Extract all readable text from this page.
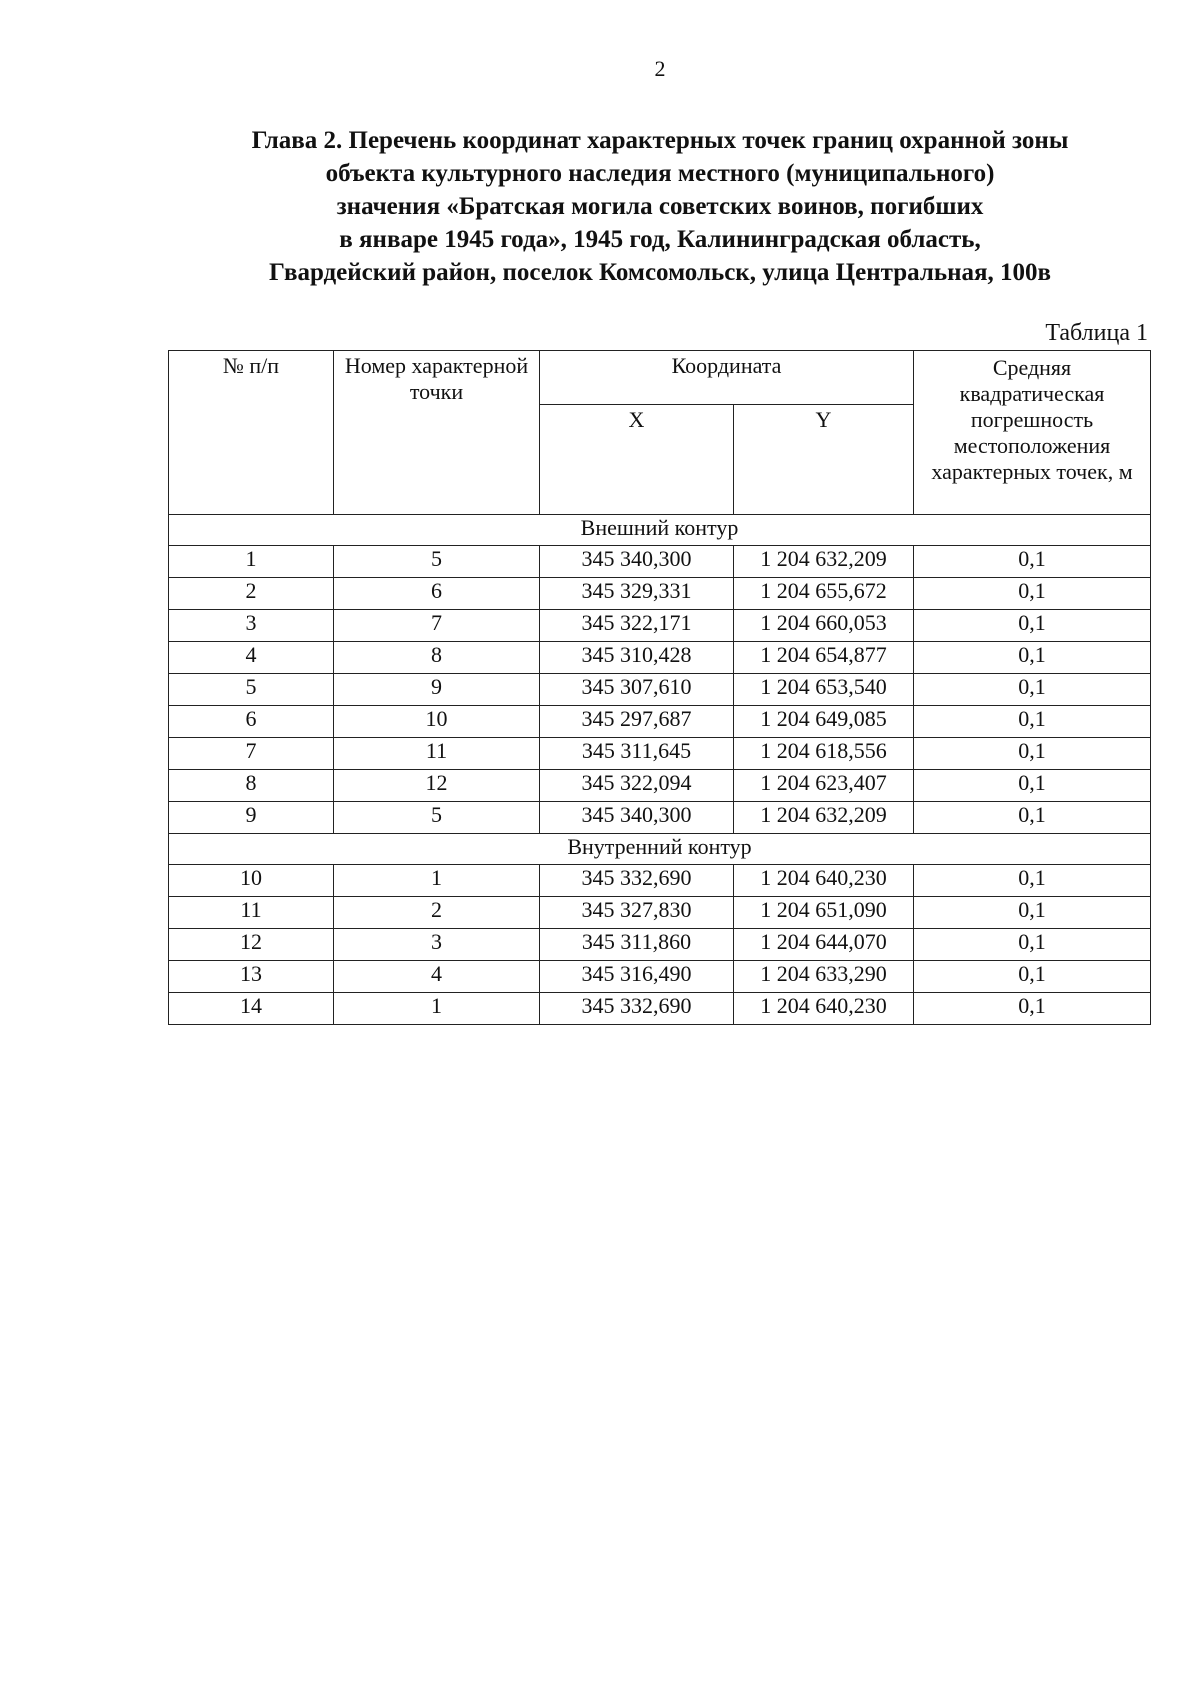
2
Глава 2. Перечень координат характерных точек границ охранной зоны
объекта культурного наследия местного (муниципального)
значения «Братская могила советских воинов, погибших
в январе 1945 года», 1945 год, Калининградская область,
Гвардейский район, поселок Комсомольск, улица Центральная, 100в
Таблица 1
№ п/п	Номер характерной точки	Координата		Средняя квадратическая погрешность местоположения характерных точек, м
		X	Y	
Внешний контур				
1	5	345 340,300	1 204 632,209	0,1
2	6	345 329,331	1 204 655,672	0,1
3	7	345 322,171	1 204 660,053	0,1
4	8	345 310,428	1 204 654,877	0,1
5	9	345 307,610	1 204 653,540	0,1
6	10	345 297,687	1 204 649,085	0,1
7	11	345 311,645	1 204 618,556	0,1
8	12	345 322,094	1 204 623,407	0,1
9	5	345 340,300	1 204 632,209	0,1
Внутренний контур				
10	1	345 332,690	1 204 640,230	0,1
11	2	345 327,830	1 204 651,090	0,1
12	3	345 311,860	1 204 644,070	0,1
13	4	345 316,490	1 204 633,290	0,1
14	1	345 332,690	1 204 640,230	0,1
